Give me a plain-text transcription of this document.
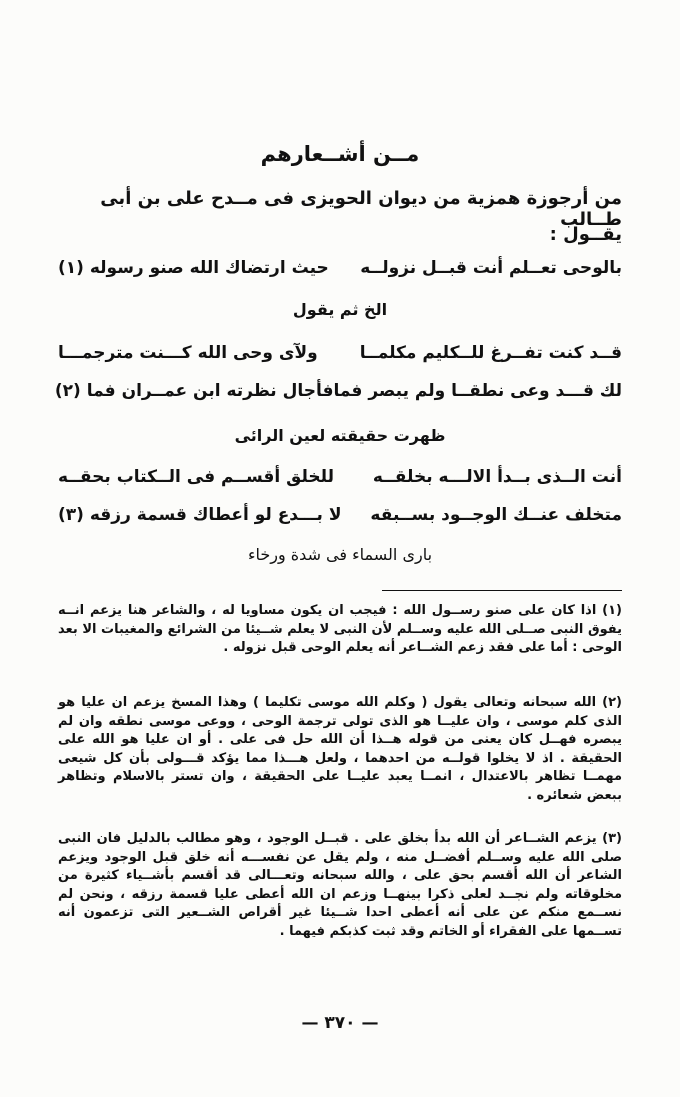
مــن أشــعارهم
من أرجوزة همزية من ديوان الحويزى فى مــدح على بن أبى طــالب
يقــول :
بالوحى تعــلم أنت قبــل نزولــه
حيث ارتضاك الله صنو رسوله (١)
الخ ثم يقول
قــد كنت تفــرغ للــكليم مكلمــا
ولآى وحى الله كـــنت مترجمـــا
لك قـــد وعى نطقــا ولم يبصر فما
فأجال نظرته ابن عمــران فما (٢)
ظهرت حقيقته لعين الرائى
أنت الــذى بــدأ الالـــه بخلقــه
للخلق أقســم فى الــكتاب بحقــه
متخلف عنــك الوجــود بســبقه
لا بـــدع لو أعطاك قسمة رزقه (٣)
بارى السماء فى شدة ورخاء
(١) اذا كان على صنو رســول الله : فيجب ان يكون مساويا له ، والشاعر هنا يزعم انــه يفوق النبى صــلى الله عليه وســلم لأن النبى لا يعلم شــيئا من الشرائع والمغيبات الا بعد الوحى : أما على فقد زعم الشــاعر أنه يعلم الوحى قبل نزوله .
(٢) الله سبحانه وتعالى يقول ( وكلم الله موسى تكليما ) وهذا المسخ يزعم ان عليا هو الذى كلم موسى ، وان عليــا هو الذى تولى ترجمة الوحى ، ووعى موسى نطقه وان لم يبصره فهــل كان يعنى من قوله هــذا أن الله حل فى على . أو ان عليا هو الله على الحقيقة . اذ لا يخلوا قولــه من احدهما ، ولعل هـــذا مما يؤكد قـــولى بأن كل شيعى مهمــا تظاهر بالاعتدال ، انمــا يعبد عليــا على الحقيقة ، وان تستر بالاسلام وتظاهر ببعض شعائره .
(٣) يزعم الشــاعر أن الله بدأ بخلق على . قبــل الوجود ، وهو مطالب بالدليل فان النبى صلى الله عليه وســلم أفضــل منه ، ولم يقل عن نفســـه أنه خلق قبل الوجود ويزعم الشاعر أن الله أقسم بحق على ، والله سبحانه وتعـــالى قد أقسم بأشــياء كثيرة من مخلوقاته ولم نجــد لعلى ذكرا بينهــا وزعم ان الله أعطى عليا قسمة رزقه ، ونحن لم نســمع منكم عن على أنه أعطى احدا شــيئا غير أقراص الشــعير التى تزعمون أنه تســمها على الفقراء أو الخاتم وقد ثبت كذبكم فيهما .
— ٣٧٠ —
